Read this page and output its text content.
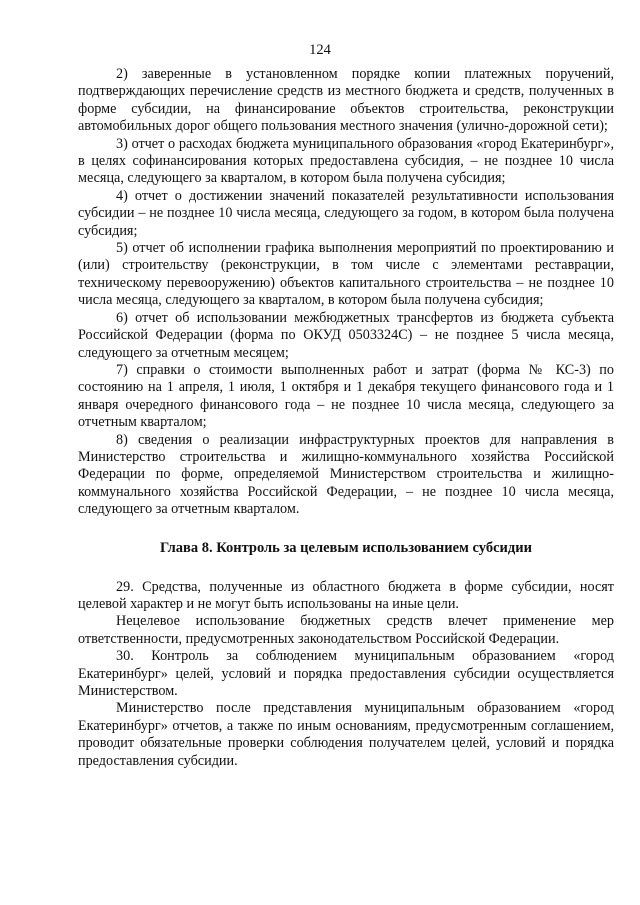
124

2) заверенные в установленном порядке копии платежных поручений, подтверждающих перечисление средств из местного бюджета и средств, полученных в форме субсидии, на финансирование объектов строительства, реконструкции автомобильных дорог общего пользования местного значения (улично-дорожной сети);

3) отчет о расходах бюджета муниципального образования «город Екатеринбург», в целях софинансирования которых предоставлена субсидия, – не позднее 10 числа месяца, следующего за кварталом, в котором была получена субсидия;

4) отчет о достижении значений показателей результативности использования субсидии – не позднее 10 числа месяца, следующего за годом, в котором была получена субсидия;

5) отчет об исполнении графика выполнения мероприятий по проектированию и (или) строительству (реконструкции, в том числе с элементами реставрации, техническому перевооружению) объектов капитального строительства – не позднее 10 числа месяца, следующего за кварталом, в котором была получена субсидия;

6) отчет об использовании межбюджетных трансфертов из бюджета субъекта Российской Федерации (форма по ОКУД 0503324С) – не позднее 5 числа месяца, следующего за отчетным месяцем;

7) справки о стоимости выполненных работ и затрат (форма № КС-3) по состоянию на 1 апреля, 1 июля, 1 октября и 1 декабря текущего финансового года и 1 января очередного финансового года – не позднее 10 числа месяца, следующего за отчетным кварталом;

8) сведения о реализации инфраструктурных проектов для направления в Министерство строительства и жилищно-коммунального хозяйства Российской Федерации по форме, определяемой Министерством строительства и жилищно-коммунального хозяйства Российской Федерации, – не позднее 10 числа месяца, следующего за отчетным кварталом.

Глава 8. Контроль за целевым использованием субсидии

29. Средства, полученные из областного бюджета в форме субсидии, носят целевой характер и не могут быть использованы на иные цели.

Нецелевое использование бюджетных средств влечет применение мер ответственности, предусмотренных законодательством Российской Федерации.

30. Контроль за соблюдением муниципальным образованием «город Екатеринбург» целей, условий и порядка предоставления субсидии осуществляется Министерством.

Министерство после представления муниципальным образованием «город Екатеринбург» отчетов, а также по иным основаниям, предусмотренным соглашением, проводит обязательные проверки соблюдения получателем целей, условий и порядка предоставления субсидии.
